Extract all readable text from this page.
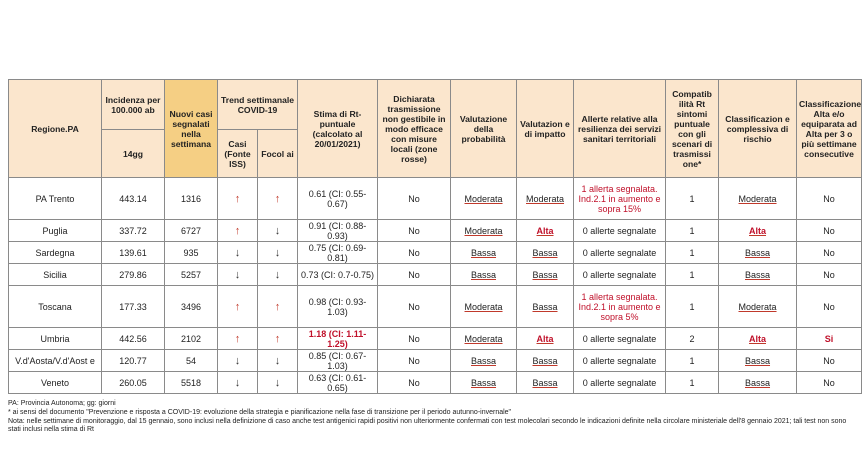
Regione.PA	Incidenza per 100.000 ab	Nuovi casi segnalati nella settimana	Trend settimanale COVID-19		Stima di Rt-puntuale (calcolato al 20/01/2021)	Dichiarata trasmissione non gestibile in modo efficace con misure locali (zone rosse)	Valutazione della probabilità	Valutazion e di impatto	Allerte relative alla resilienza dei servizi sanitari territoriali	Compatib ilità Rt sintomi puntuale con gli scenari di trasmissi one*	Classificazion e complessiva di rischio	Classificazione Alta e/o equiparata ad Alta per 3 o più settimane consecutive
	14gg		Casi (Fonte ISS)	Focol ai								
PA Trento	443.14	1316	↑	↑	0.61 (CI: 0.55-0.67)	No	Moderata	Moderata	1 allerta segnalata. Ind.2.1 in aumento e sopra 15%	1	Moderata	No
Puglia	337.72	6727	↑	↓	0.91 (CI: 0.88-0.93)	No	Moderata	Alta	0 allerte segnalate	1	Alta	No
Sardegna	139.61	935	↓	↓	0.75 (CI: 0.69-0.81)	No	Bassa	Bassa	0 allerte segnalate	1	Bassa	No
Sicilia	279.86	5257	↓	↓	0.73 (CI: 0.7-0.75)	No	Bassa	Bassa	0 allerte segnalate	1	Bassa	No
Toscana	177.33	3496	↑	↑	0.98 (CI: 0.93-1.03)	No	Moderata	Bassa	1 allerta segnalata. Ind.2.1 in aumento e sopra 5%	1	Moderata	No
Umbria	442.56	2102	↑	↑	1.18 (CI: 1.11-1.25)	No	Moderata	Alta	0 allerte segnalate	2	Alta	Si
V.d'Aosta/V.d'Aost e	120.77	54	↓	↓	0.85 (CI: 0.67-1.03)	No	Bassa	Bassa	0 allerte segnalate	1	Bassa	No
Veneto	260.05	5518	↓	↓	0.63 (CI: 0.61-0.65)	No	Bassa	Bassa	0 allerte segnalate	1	Bassa	No
PA: Provincia Autonoma; gg: giorni
* ai sensi del documento "Prevenzione e risposta a COVID-19: evoluzione della strategia e pianificazione nella fase di transizione per il periodo autunno-invernale"
Nota: nelle settimane di monitoraggio, dal 15 gennaio, sono inclusi nella definizione di caso anche test antigenici rapidi positivi non ulteriormente confermati con test molecolari secondo le indicazioni definite nella circolare ministeriale dell'8 gennaio 2021; tali test non sono stati inclusi nella stima di Rt
